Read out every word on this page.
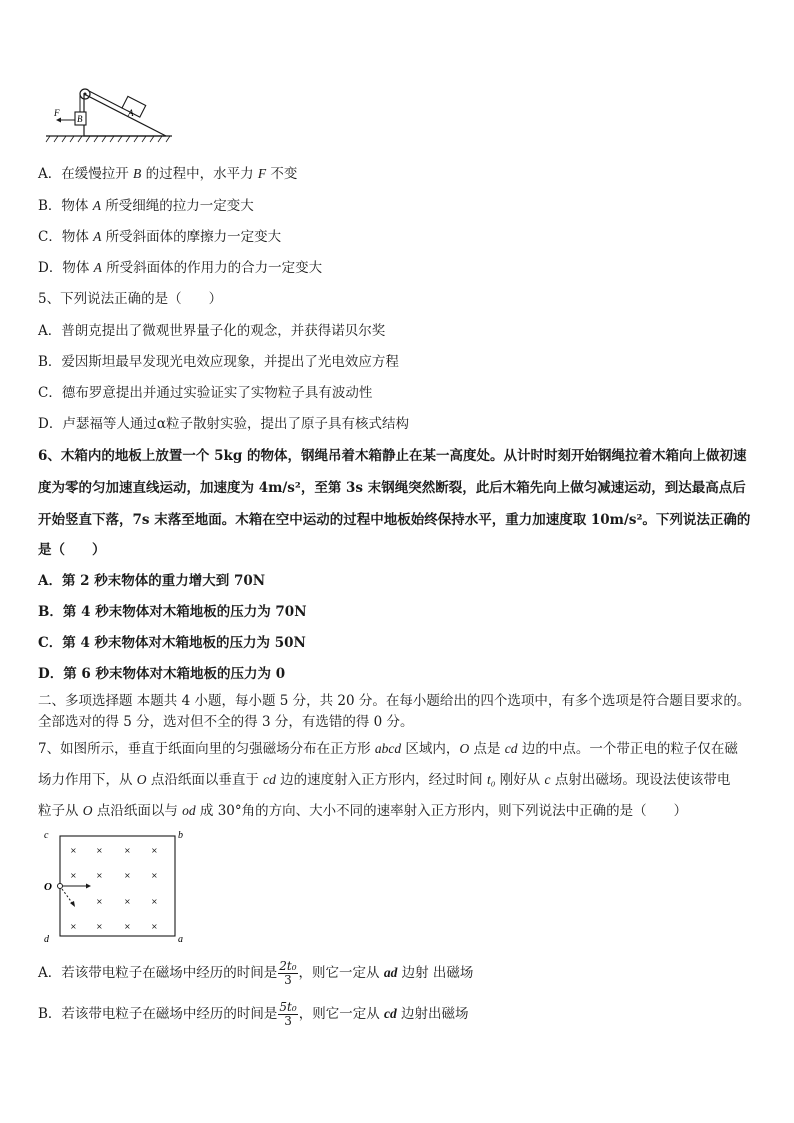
B
F	A
A．在缓慢拉开 B 的过程中，水平力 F 不变
B．物体 A 所受细绳的拉力一定变大
C．物体 A 所受斜面体的摩擦力一定变大
D．物体 A 所受斜面体的作用力的合力一定变大
5、下列说法正确的是（　　）
A．普朗克提出了微观世界量子化的观念，并获得诺贝尔奖
B．爱因斯坦最早发现光电效应现象，并提出了光电效应方程
C．德布罗意提出并通过实验证实了实物粒子具有波动性
D．卢瑟福等人通过α粒子散射实验，提出了原子具有核式结构
6、木箱内的地板上放置一个 5kg 的物体，钢绳吊着木箱静止在某一高度处。从计时时刻开始钢绳拉着木箱向上做初速
度为零的匀加速直线运动，加速度为 4m/s²，至第 3s 末钢绳突然断裂，此后木箱先向上做匀减速运动，到达最高点后
开始竖直下落，7s 末落至地面。木箱在空中运动的过程中地板始终保持水平，重力加速度取 10m/s²。下列说法正确的
是（　　）
A．第 2 秒末物体的重力增大到 70N
B．第 4 秒末物体对木箱地板的压力为 70N
C．第 4 秒末物体对木箱地板的压力为 50N
D．第 6 秒末物体对木箱地板的压力为 0
二、多项选择题 本题共 4 小题，每小题 5 分，共 20 分。在每小题给出的四个选项中，有多个选项是符合题目要求的。
全部选对的得 5 分，选对但不全的得 3 分，有选错的得 0 分。
7、如图所示，垂直于纸面向里的匀强磁场分布在正方形 abcd 区域内，O 点是 cd 边的中点。一个带正电的粒子仅在磁
场力作用下，从 O 点沿纸面以垂直于 cd 边的速度射入正方形内，经过时间 t₀ 刚好从 c 点射出磁场。现设法使该带电
粒子从 O 点沿纸面以与 od 成 30°角的方向、大小不同的速率射入正方形内，则下列说法中正确的是（　　）
c	b
d	a
O
× ×	×	×
× ×	×	×
×	×	×
× ×	×	×
A．若该带电粒子在磁场中经历的时间是 $\frac{\text{2t₀}}{3}$ ，则它一定从 ad 边射 出磁场
B．若该带电粒子在磁场中经历的时间是 $\frac{\text{5t₀}}{3}$ ，则它一定从 cd 边射出磁场
